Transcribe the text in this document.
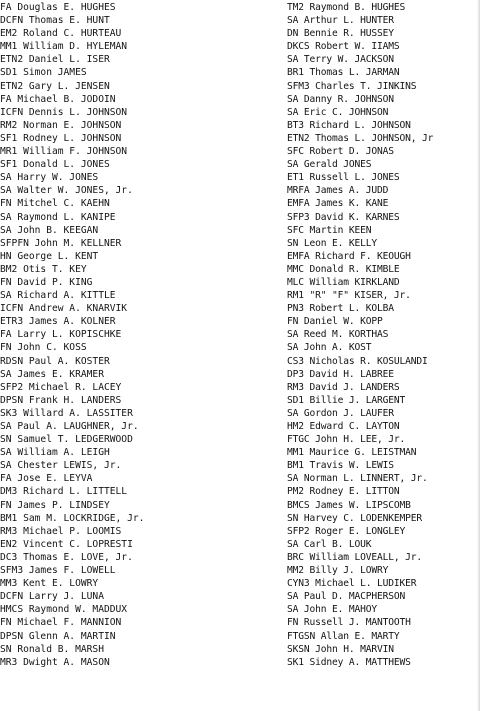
FA Douglas E. HUGHES
DCFN Thomas E. HUNT
EM2 Roland C. HURTEAU
MM1 William D. HYLEMAN
ETN2 Daniel L. ISER
SD1 Simon JAMES
ETN2 Gary L. JENSEN
FA Michael B. JODOIN
ICFN Dennis L. JOHNSON
RM2 Norman E. JOHNSON
SF1 Rodney L. JOHNSON
MR1 William F. JOHNSON
SF1 Donald L. JONES
SA Harry W. JONES
SA Walter W. JONES, Jr.
FN Mitchel C. KAEHN
SA Raymond L. KANIPE
SA John B. KEEGAN
SFPFN John M. KELLNER
HN George L. KENT
BM2 Otis T. KEY
FN David P. KING
SA Richard A. KITTLE
ICFN Andrew A. KNARVIK
ETR3 James A. KOLNER
FA Larry L. KOPISCHKE
FN John C. KOSS
RDSN Paul A. KOSTER
SA James E. KRAMER
SFP2 Michael R. LACEY
DPSN Frank H. LANDERS
SK3 Willard A. LASSITER
SA Paul A. LAUGHNER, Jr.
SN Samuel T. LEDGERWOOD
SA William A. LEIGH
SA Chester LEWIS, Jr.
FA Jose E. LEYVA
DM3 Richard L. LITTELL
FN James P. LINDSEY
BM1 Sam M. LOCKRIDGE, Jr.
RM3 Michael P. LOOMIS
EN2 Vincent C. LOPRESTI
DC3 Thomas E. LOVE, Jr.
SFM3 James F. LOWELL
MM3 Kent E. LOWRY
DCFN Larry J. LUNA
HMCS Raymond W. MADDUX
FN Michael F. MANNION
DPSN Glenn A. MARTIN
SN Ronald B. MARSH
MR3 Dwight A. MASON
TM2 Raymond B. HUGHES
SA Arthur L. HUNTER
DN Bennie R. HUSSEY
DKCS Robert W. IIAMS
SA Terry W. JACKSON
BR1 Thomas L. JARMAN
SFM3 Charles T. JINKINS
SA Danny R. JOHNSON
SA Eric C. JOHNSON
BT3 Richard L. JOHNSON
ETN2 Thomas L. JOHNSON, Jr
SFC Robert D. JONAS
SA Gerald JONES
ET1 Russell L. JONES
MRFA James A. JUDD
EMFA James K. KANE
SFP3 David K. KARNES
SFC Martin KEEN
SN Leon E. KELLY
EMFA Richard F. KEOUGH
MMC Donald R. KIMBLE
MLC William KIRKLAND
RM1 "R" "F" KISER, Jr.
PN3 Robert L. KOLBA
FN Daniel W. KOPP
SA Reed M. KORTHAS
SA John A. KOST
CS3 Nicholas R. KOSULANDI
DP3 David H. LABREE
RM3 David J. LANDERS
SD1 Billie J. LARGENT
SA Gordon J. LAUFER
HM2 Edward C. LAYTON
FTGC John H. LEE, Jr.
MM1 Maurice G. LEISTMAN
BM1 Travis W. LEWIS
SA Norman L. LINNERT, Jr.
PM2 Rodney E. LITTON
BMCS James W. LIPSCOMB
SN Harvey C. LODENKEMPER
SFP2 Roger E. LONGLEY
SA Carl B. LOUK
BRC William LOVEALL, Jr.
MM2 Billy J. LOWRY
CYN3 Michael L. LUDIKER
SA Paul D. MACPHERSON
SA John E. MAHOY
FN Russell J. MANTOOTH
FTGSN Allan E. MARTY
SKSN John H. MARVIN
SK1 Sidney A. MATTHEWS
